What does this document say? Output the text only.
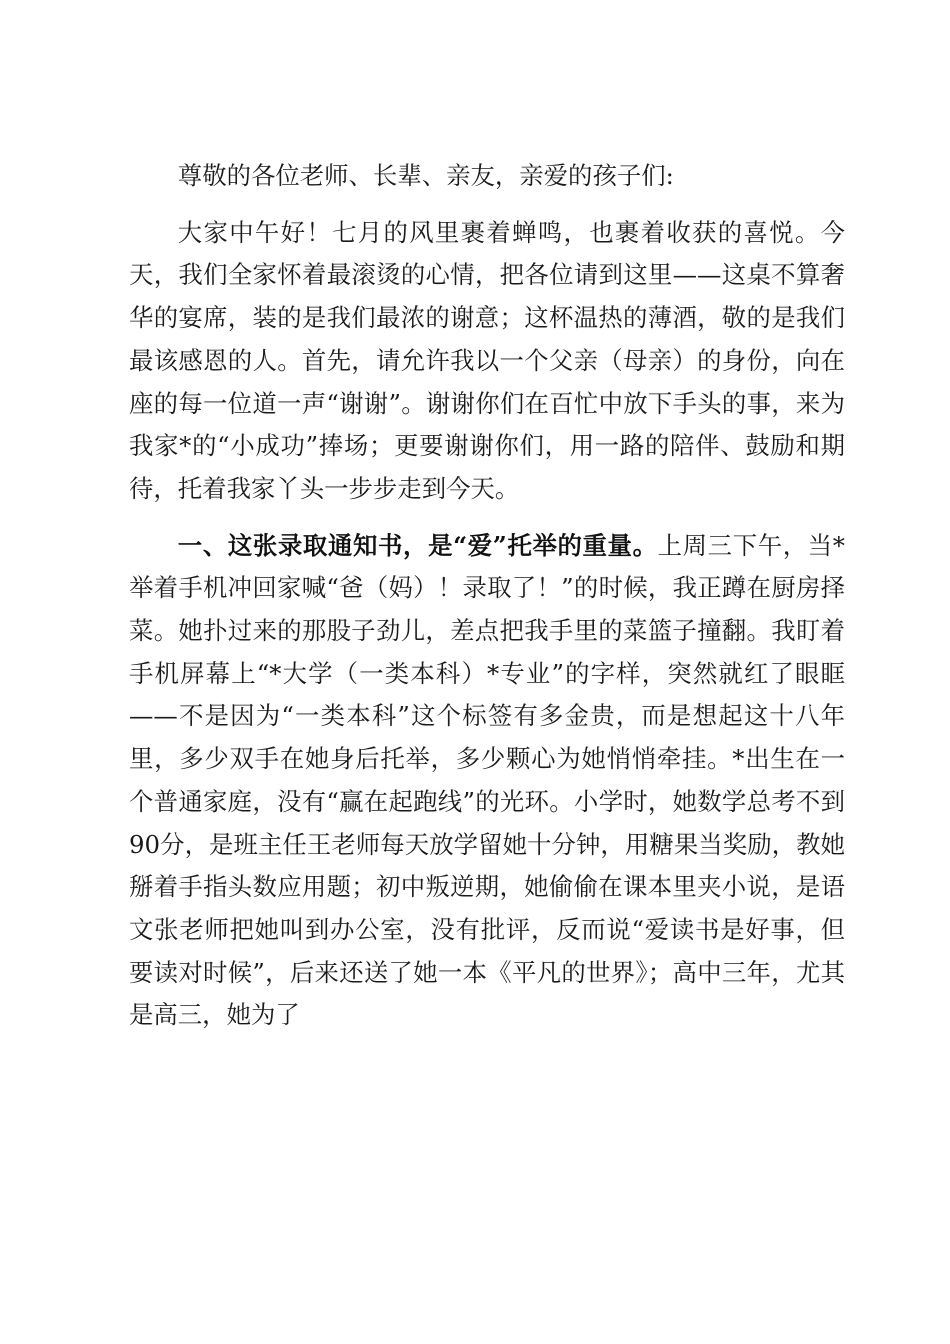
尊敬的各位老师、长辈、亲友，亲爱的孩子们:

大家中午好！七月的风里裹着蝉鸣，也裹着收获的喜悦。今天，我们全家怀着最滚烫的心情，把各位请到这里——这桌不算奢华的宴席，装的是我们最浓的谢意；这杯温热的薄酒，敬的是我们最该感恩的人。首先，请允许我以一个父亲（母亲）的身份，向在座的每一位道一声“谢谢”。谢谢你们在百忙中放下手头的事，来为我家*的“小成功”捧场；更要谢谢你们，用一路的陪伴、鼓励和期待，托着我家丫头一步步走到今天。

一、这张录取通知书，是“爱”托举的重量。上周三下午，当*举着手机冲回家喊“爸（妈）！录取了！”的时候，我正蹲在厨房择菜。她扑过来的那股子劲儿，差点把我手里的菜篮子撞翻。我盯着手机屏幕上“*大学（一类本科）*专业”的字样，突然就红了眼眶——不是因为“一类本科”这个标签有多金贵，而是想起这十八年里，多少双手在她身后托举，多少颗心为她悄悄牵挂。*出生在一个普通家庭，没有“赢在起跑线”的光环。小学时，她数学总考不到90分，是班主任王老师每天放学留她十分钟，用糖果当奖励，教她掰着手指头数应用题；初中叛逆期，她偷偷在课本里夹小说，是语文张老师把她叫到办公室，没有批评，反而说“爱读书是好事，但要读对时候”，后来还送了她一本《平凡的世界》；高中三年，尤其是高三，她为了
